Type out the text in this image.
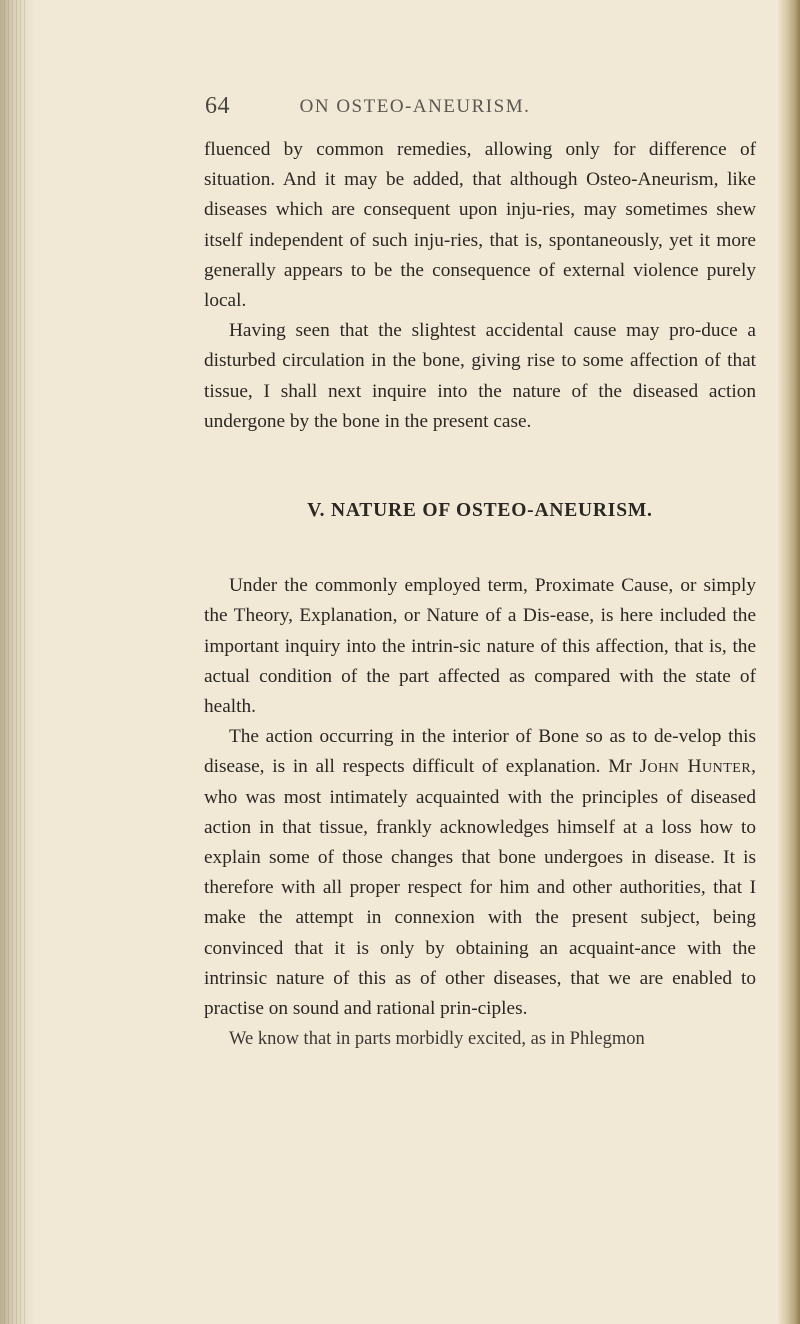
64	ON OSTEO-ANEURISM.

fluenced by common remedies, allowing only for difference of situation. And it may be added, that although Osteo-Aneurism, like diseases which are consequent upon inju-ries, may sometimes shew itself independent of such inju-ries, that is, spontaneously, yet it more generally appears to be the consequence of external violence purely local.

Having seen that the slightest accidental cause may pro-duce a disturbed circulation in the bone, giving rise to some affection of that tissue, I shall next inquire into the nature of the diseased action undergone by the bone in the present case.

V. NATURE OF OSTEO-ANEURISM.

Under the commonly employed term, Proximate Cause, or simply the Theory, Explanation, or Nature of a Dis-ease, is here included the important inquiry into the intrin-sic nature of this affection, that is, the actual condition of the part affected as compared with the state of health.

The action occurring in the interior of Bone so as to de-velop this disease, is in all respects difficult of explanation. Mr John Hunter, who was most intimately acquainted with the principles of diseased action in that tissue, frankly acknowledges himself at a loss how to explain some of those changes that bone undergoes in disease. It is therefore with all proper respect for him and other authorities, that I make the attempt in connexion with the present subject, being convinced that it is only by obtaining an acquaint-ance with the intrinsic nature of this as of other diseases, that we are enabled to practise on sound and rational prin-ciples.

We know that in parts morbidly excited, as in Phlegmon
